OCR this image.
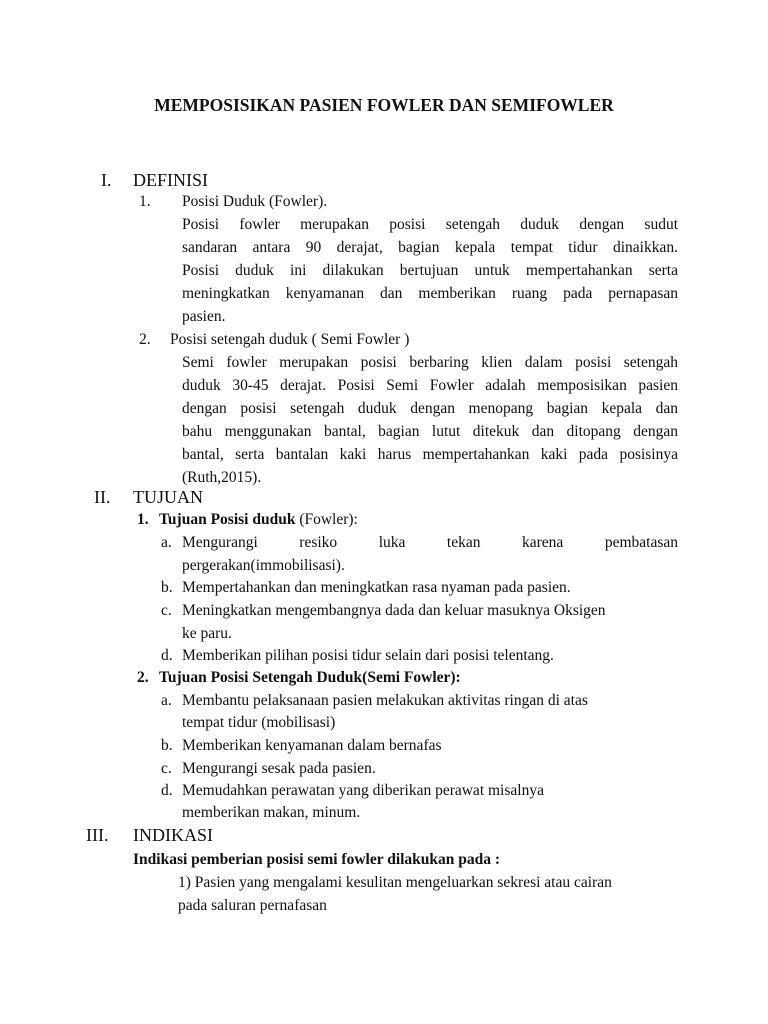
MEMPOSISIKAN PASIEN FOWLER DAN SEMIFOWLER
I. DEFINISI
1. Posisi Duduk (Fowler).
Posisi fowler merupakan posisi setengah duduk dengan sudut
sandaran antara 90 derajat, bagian kepala tempat tidur dinaikkan.
Posisi duduk ini dilakukan bertujuan untuk mempertahankan serta
meningkatkan kenyamanan dan memberikan ruang pada pernapasan
pasien.
2. Posisi setengah duduk ( Semi Fowler )
Semi fowler merupakan posisi berbaring klien dalam posisi setengah
duduk 30-45 derajat. Posisi Semi Fowler adalah memposisikan pasien
dengan posisi setengah duduk dengan menopang bagian kepala dan
bahu menggunakan bantal, bagian lutut ditekuk dan ditopang dengan
bantal, serta bantalan kaki harus mempertahankan kaki pada posisinya
(Ruth,2015).
II. TUJUAN
1. Tujuan Posisi duduk (Fowler):
a. Mengurangi resiko luka tekan karena pembatasan
pergerakan(immobilisasi).
b. Mempertahankan dan meningkatkan rasa nyaman pada pasien.
c. Meningkatkan mengembangnya dada dan keluar masuknya Oksigen
ke paru.
d. Memberikan pilihan posisi tidur selain dari posisi telentang.
2. Tujuan Posisi Setengah Duduk(Semi Fowler):
a. Membantu pelaksanaan pasien melakukan aktivitas ringan di atas
tempat tidur (mobilisasi)
b. Memberikan kenyamanan dalam bernafas
c. Mengurangi sesak pada pasien.
d. Memudahkan perawatan yang diberikan perawat misalnya
memberikan makan, minum.
III. INDIKASI
Indikasi pemberian posisi semi fowler dilakukan pada :
1) Pasien yang mengalami kesulitan mengeluarkan sekresi atau cairan
pada saluran pernafasan
